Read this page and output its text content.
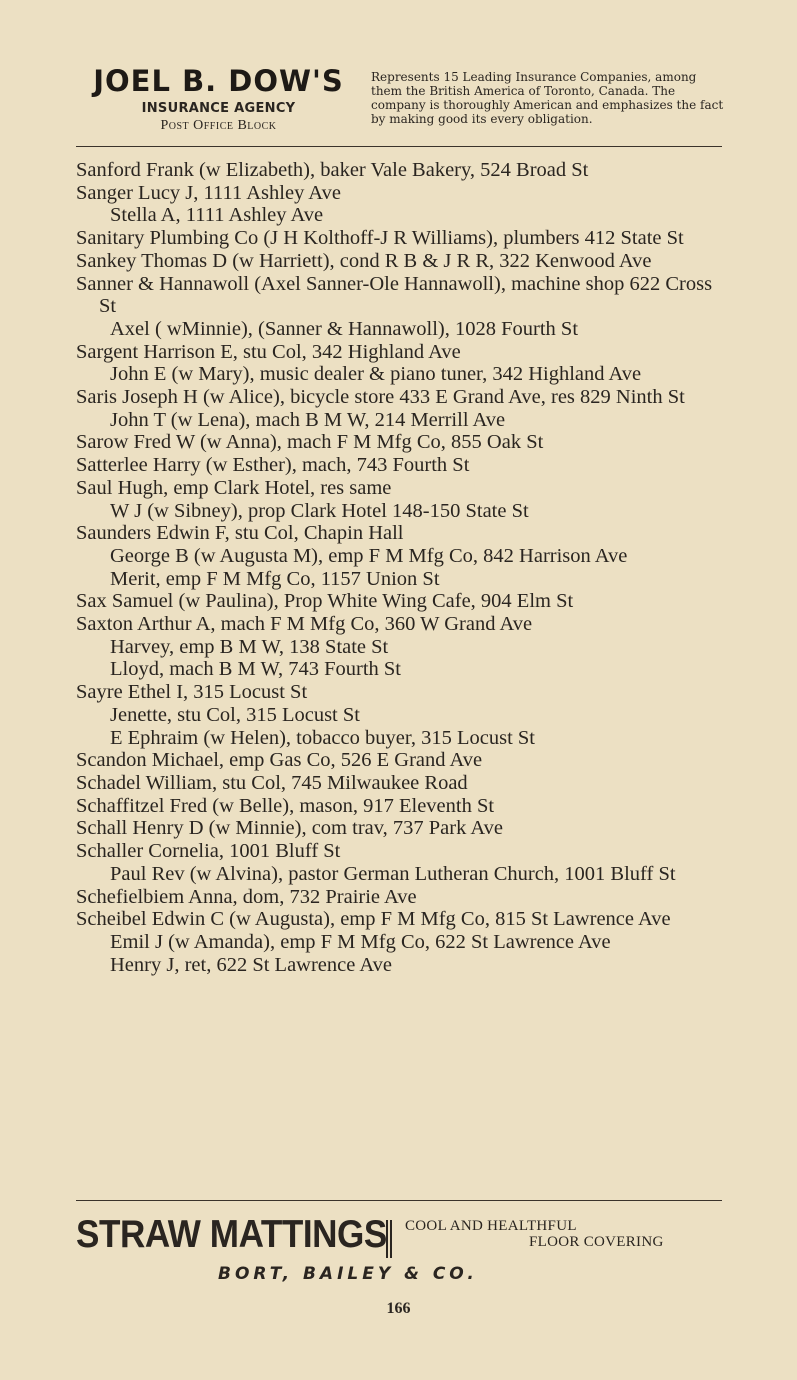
JOEL B. DOW'S
INSURANCE AGENCY
Post Office Block
Represents 15 Leading Insurance Companies, among them the British America of Toronto, Canada. The company is thoroughly American and emphasizes the fact by making good its every obligation.
Sanford Frank (w Elizabeth), baker Vale Bakery, 524 Broad St
Sanger Lucy J, 1111 Ashley Ave
Stella A, 1111 Ashley Ave
Sanitary Plumbing Co (J H Kolthoff-J R Williams), plumbers 412 State St
Sankey Thomas D (w Harriett), cond R B & J R R, 322 Kenwood Ave
Sanner & Hannawoll (Axel Sanner-Ole Hannawoll), machine shop 622 Cross St
Axel ( wMinnie), (Sanner & Hannawoll), 1028 Fourth St
Sargent Harrison E, stu Col, 342 Highland Ave
John E (w Mary), music dealer & piano tuner, 342 Highland Ave
Saris Joseph H (w Alice), bicycle store 433 E Grand Ave, res 829 Ninth St
John T (w Lena), mach B M W, 214 Merrill Ave
Sarow Fred W (w Anna), mach F M Mfg Co, 855 Oak St
Satterlee Harry (w Esther), mach, 743 Fourth St
Saul Hugh, emp Clark Hotel, res same
W J (w Sibney), prop Clark Hotel 148-150 State St
Saunders Edwin F, stu Col, Chapin Hall
George B (w Augusta M), emp F M Mfg Co, 842 Harrison Ave
Merit, emp F M Mfg Co, 1157 Union St
Sax Samuel (w Paulina), Prop White Wing Cafe, 904 Elm St
Saxton Arthur A, mach F M Mfg Co, 360 W Grand Ave
Harvey, emp B M W, 138 State St
Lloyd, mach B M W, 743 Fourth St
Sayre Ethel I, 315 Locust St
Jenette, stu Col, 315 Locust St
E Ephraim (w Helen), tobacco buyer, 315 Locust St
Scandon Michael, emp Gas Co, 526 E Grand Ave
Schadel William, stu Col, 745 Milwaukee Road
Schaffitzel Fred (w Belle), mason, 917 Eleventh St
Schall Henry D (w Minnie), com trav, 737 Park Ave
Schaller Cornelia, 1001 Bluff St
Paul Rev (w Alvina), pastor German Lutheran Church, 1001 Bluff St
Schefielbiem Anna, dom, 732 Prairie Ave
Scheibel Edwin C (w Augusta), emp F M Mfg Co, 815 St Lawrence Ave
Emil J (w Amanda), emp F M Mfg Co, 622 St Lawrence Ave
Henry J, ret, 622 St Lawrence Ave
STRAW MATTINGS COOL AND HEALTHFUL
FLOOR COVERING
BORT, BAILEY & CO.
166
